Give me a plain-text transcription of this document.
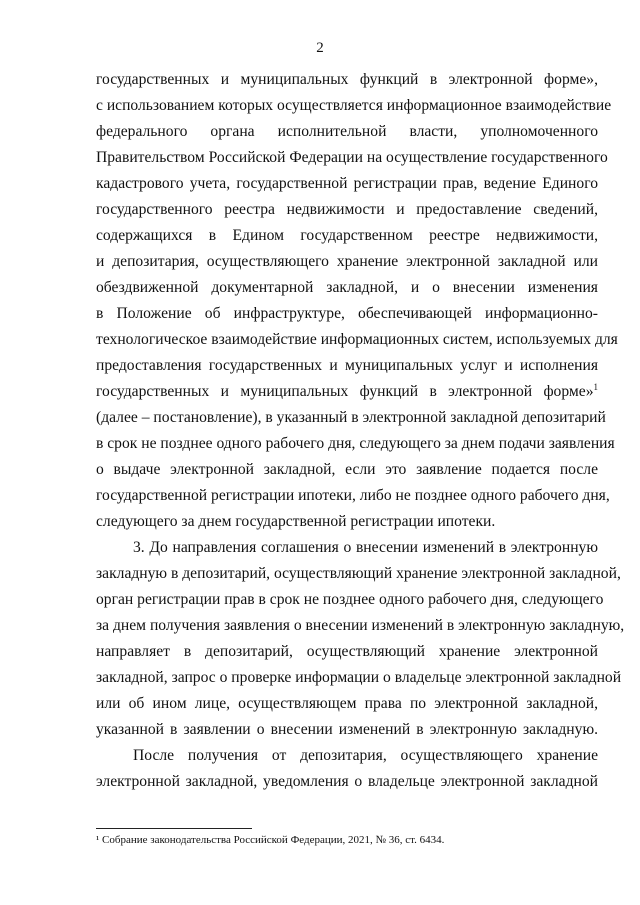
2
государственных и муниципальных функций в электронной форме»,
с использованием которых осуществляется информационное взаимодействие
федерального органа исполнительной власти, уполномоченного
Правительством Российской Федерации на осуществление государственного
кадастрового учета, государственной регистрации прав, ведение Единого
государственного реестра недвижимости и предоставление сведений,
содержащихся в Едином государственном реестре недвижимости,
и депозитария, осуществляющего хранение электронной закладной или
обездвиженной документарной закладной, и о внесении изменения
в Положение об инфраструктуре, обеспечивающей информационно-
технологическое взаимодействие информационных систем, используемых для
предоставления государственных и муниципальных услуг и исполнения
государственных и муниципальных функций в электронной форме»$^1$
(далее – постановление), в указанный в электронной закладной депозитарий
в срок не позднее одного рабочего дня, следующего за днем подачи заявления
о выдаче электронной закладной, если это заявление подается после
государственной регистрации ипотеки, либо не позднее одного рабочего дня,
следующего за днем государственной регистрации ипотеки.
3. До направления соглашения о внесении изменений в электронную
закладную в депозитарий, осуществляющий хранение электронной закладной,
орган регистрации прав в срок не позднее одного рабочего дня, следующего
за днем получения заявления о внесении изменений в электронную закладную,
направляет в депозитарий, осуществляющий хранение электронной
закладной, запрос о проверке информации о владельце электронной закладной
или об ином лице, осуществляющем права по электронной закладной,
указанной в заявлении о внесении изменений в электронную закладную.
После получения от депозитария, осуществляющего хранение
электронной закладной, уведомления о владельце электронной закладной
¹ Собрание законодательства Российской Федерации, 2021, № 36, ст. 6434.
